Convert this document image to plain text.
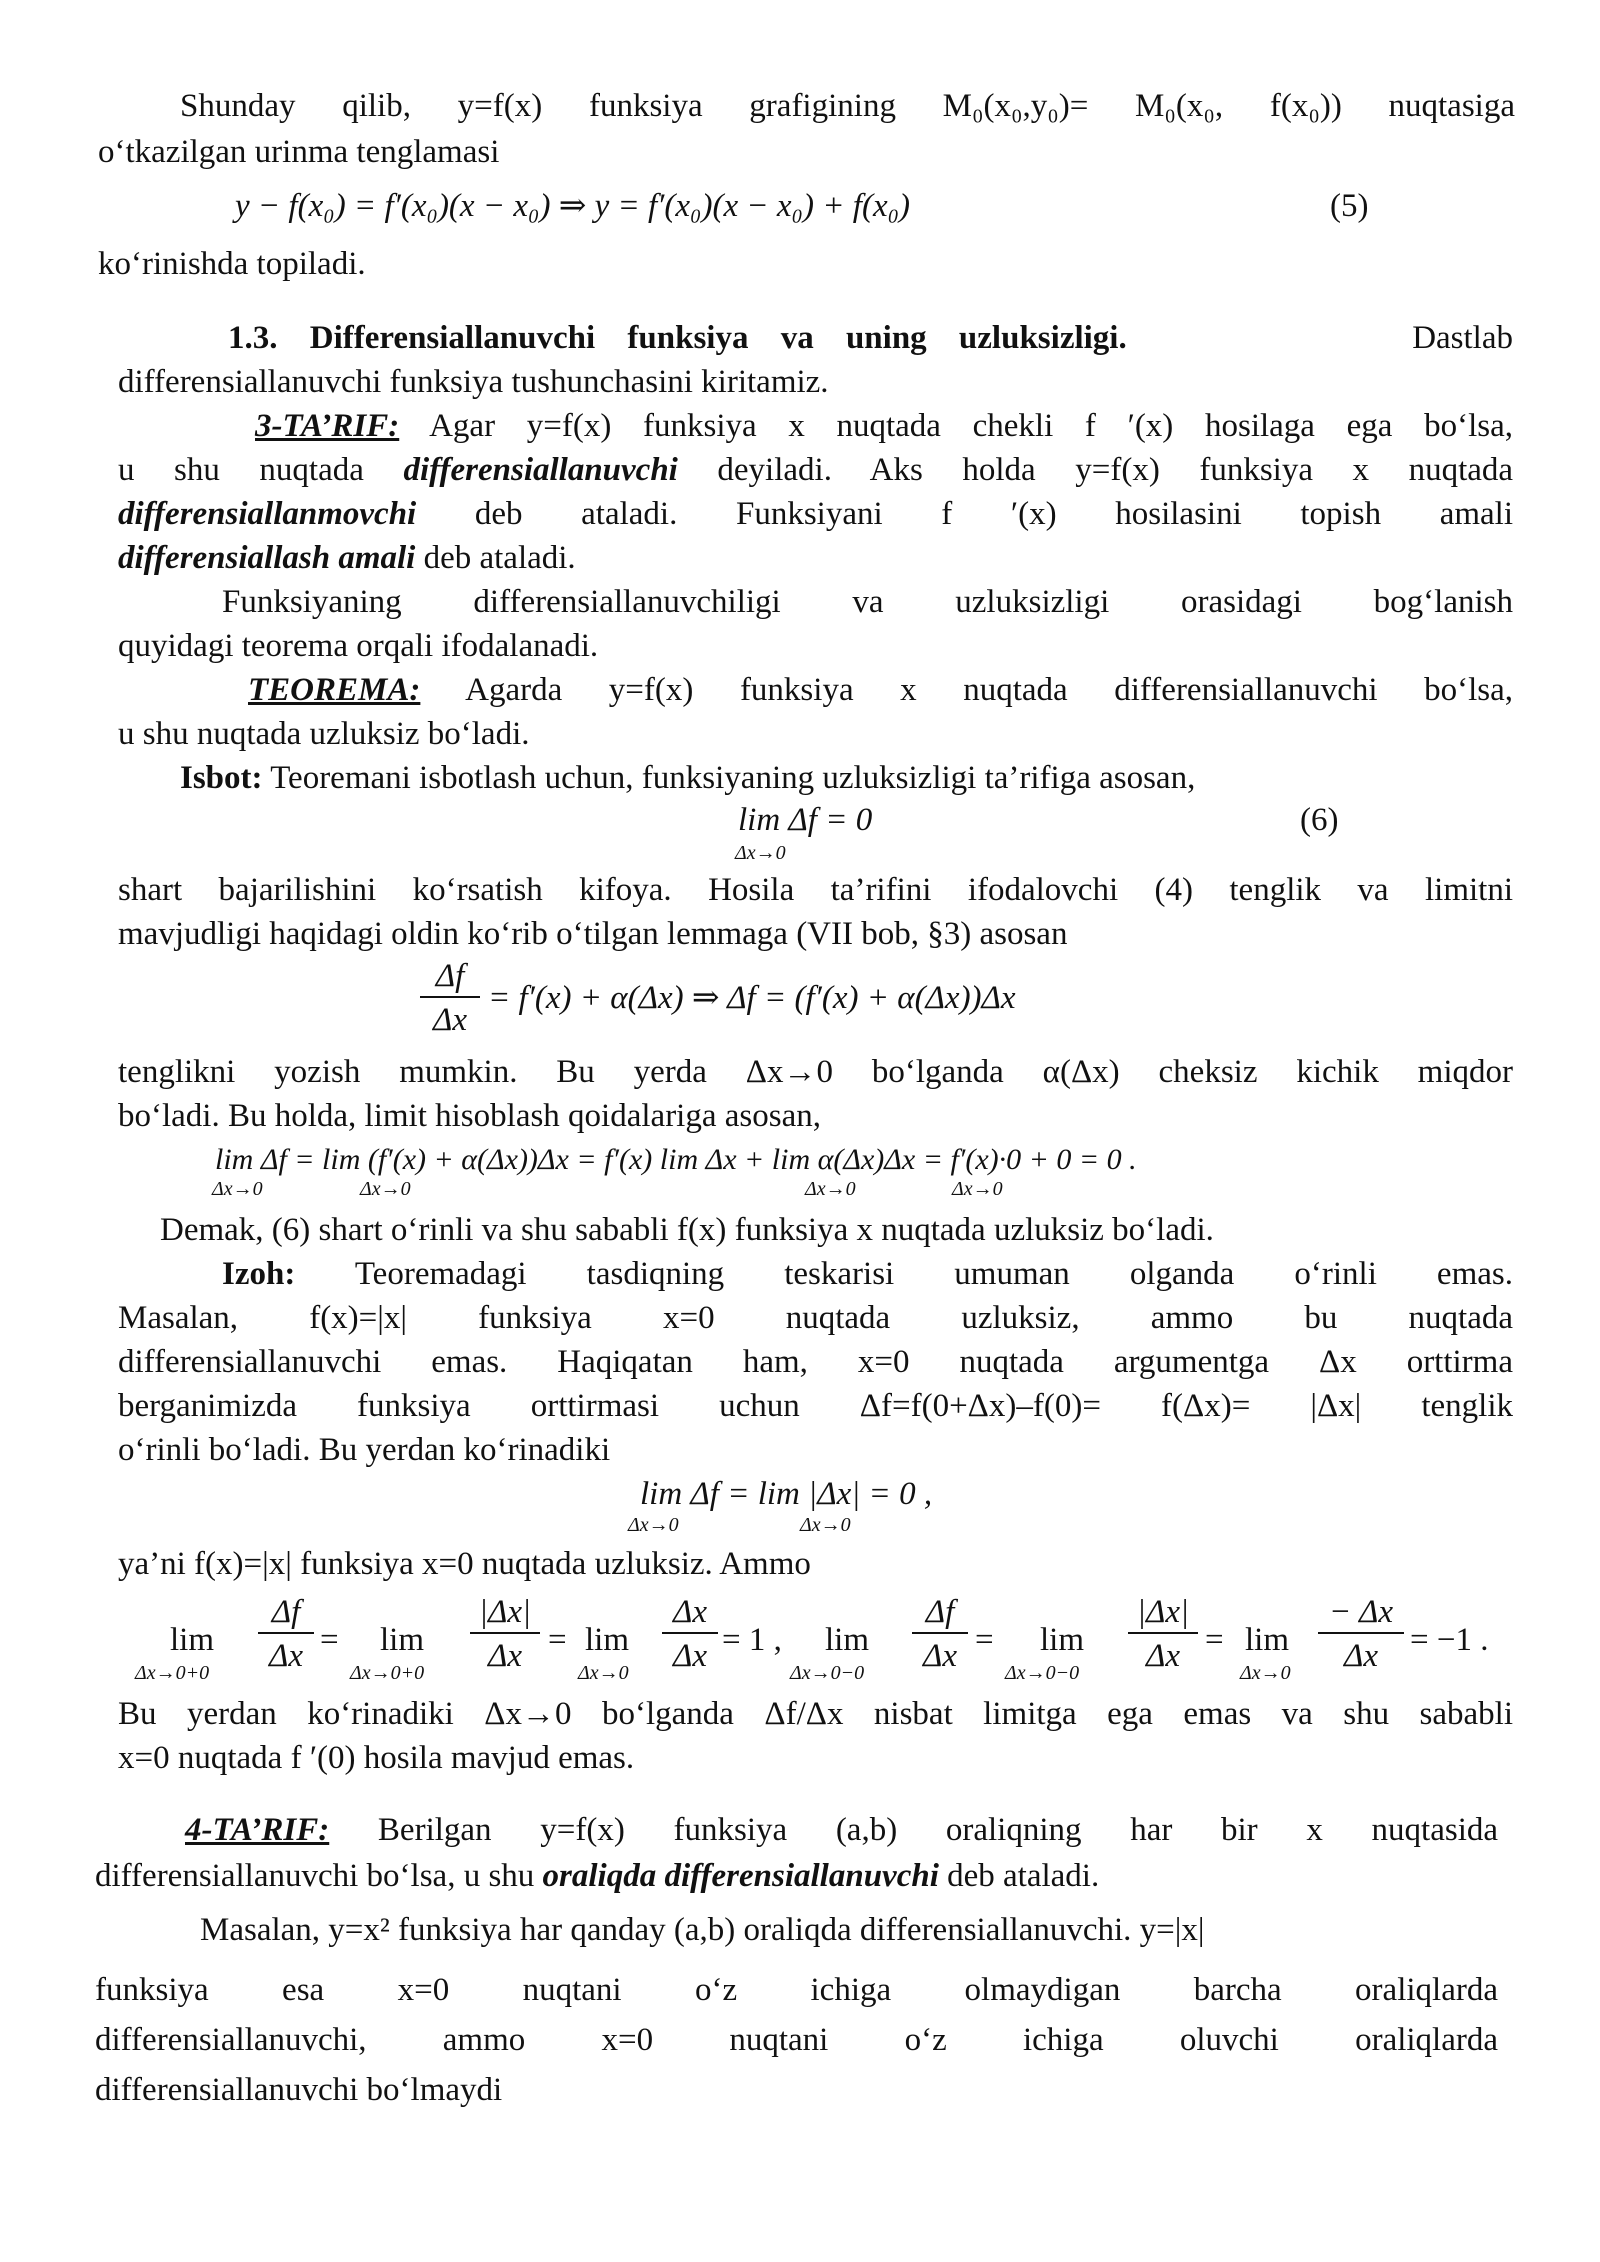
Shunday qilib, y=f(x) funksiya grafigining M₀(x₀,y₀)= M₀(x₀, f(x₀)) nuqtasiga
o‘tkazilgan urinma tenglamasi
y − f(x₀) = f′(x₀)(x − x₀) ⇒ y = f′(x₀)(x − x₀) + f(x₀)	(5)
ko‘rinishda topiladi.
1.3. Differensiallanuvchi funksiya va uning uzluksizligi.	Dastlab
differensiallanuvchi funksiya tushunchasini kiritamiz.
3-TA’RIF: Agar y=f(x) funksiya x nuqtada chekli f ′(x) hosilaga ega bo‘lsa,
u shu nuqtada differensiallanuvchi deyiladi. Aks holda y=f(x) funksiya x nuqtada
differensiallanmovchi deb ataladi. Funksiyani f ′(x) hosilasini topish amali
differensiallash amali deb ataladi.
Funksiyaning differensiallanuvchiligi va uzluksizligi orasidagi bog‘lanish
quyidagi teorema orqali ifodalanadi.
TEOREMA: Agarda y=f(x) funksiya x nuqtada differensiallanuvchi bo‘lsa,
u shu nuqtada uzluksiz bo‘ladi.
Isbot: Teoremani isbotlash uchun, funksiyaning uzluksizligi ta’rifiga asosan,
lim Δf = 0
Δx→0
(6)
shart bajarilishini ko‘rsatish kifoya. Hosila ta’rifini ifodalovchi (4) tenglik va limitni
mavjudligi haqidagi oldin ko‘rib o‘tilgan lemmaga (VII bob, §3) asosan
Δf
Δx
= f′(x) + α(Δx) ⇒ Δf = (f′(x) + α(Δx))Δx
tenglikni yozish mumkin. Bu yerda Δx→0 bo‘lganda α(Δx) cheksiz kichik miqdor
bo‘ladi. Bu holda, limit hisoblash qoidalariga asosan,
lim Δf = lim (f′(x) + α(Δx))Δx = f′(x) lim Δx + lim α(Δx)Δx = f′(x)·0 + 0 = 0 .
Δx→0	Δx→0	Δx→0	Δx→0
Demak, (6) shart o‘rinli va shu sababli f(x) funksiya x nuqtada uzluksiz bo‘ladi.
Izoh: Teoremadagi tasdiqning teskarisi umuman olganda o‘rinli emas.
Masalan, f(x)=|x| funksiya x=0 nuqtada uzluksiz, ammo bu nuqtada
differensiallanuvchi emas. Haqiqatan ham, x=0 nuqtada argumentga Δx orttirma
berganimizda funksiya orttirmasi uchun Δf=f(0+Δx)–f(0)= f(Δx)= |Δx| tenglik
o‘rinli bo‘ladi. Bu yerdan ko‘rinadiki
lim Δf = lim |Δx| = 0 ,
Δx→0	Δx→0
ya’ni f(x)=|x| funksiya x=0 nuqtada uzluksiz. Ammo
lim
Δx→0+0
Δf
Δx = lim
Δx→0+0
|Δx|
Δx = lim
Δx→0
Δx
Δx = 1 , lim
Δx→0−0
Δf
Δx = lim
Δx→0−0
|Δx|
Δx = lim
Δx→0
− Δx
Δx = −1 .
Bu yerdan ko‘rinadiki Δx→0 bo‘lganda Δf/Δx nisbat limitga ega emas va shu sababli
x=0 nuqtada f ′(0) hosila mavjud emas.
4-TA’RIF: Berilgan y=f(x) funksiya (a,b) oraliqning har bir x nuqtasida
differensiallanuvchi bo‘lsa, u shu oraliqda differensiallanuvchi deb ataladi.
Masalan, y=x² funksiya har qanday (a,b) oraliqda differensiallanuvchi. y=|x|
funksiya esa x=0 nuqtani o‘z ichiga olmaydigan barcha oraliqlarda
differensiallanuvchi, ammo x=0 nuqtani o‘z ichiga oluvchi oraliqlarda
differensiallanuvchi bo‘lmaydi
